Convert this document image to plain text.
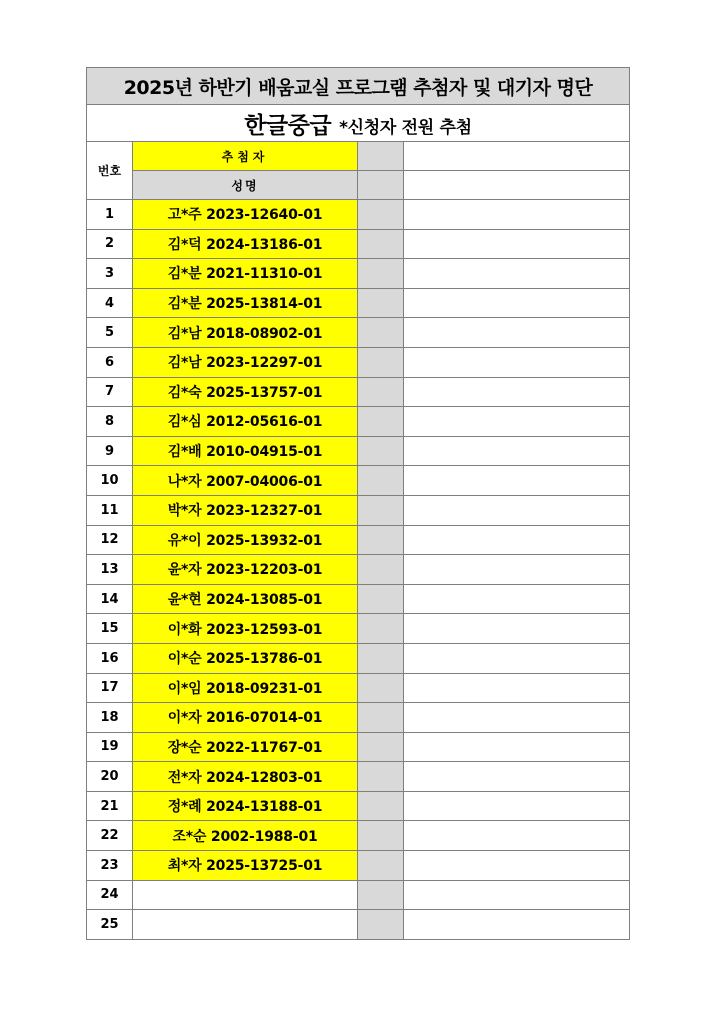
2025년 하반기 배움교실 프로그램 추첨자 및 대기자 명단			
한글중급 *신청자 전원 추첨			
번호	추첨자		
	성명		
1	고*주 2023-12640-01		
2	김*덕 2024-13186-01		
3	김*분 2021-11310-01		
4	김*분 2025-13814-01		
5	김*남 2018-08902-01		
6	김*남 2023-12297-01		
7	김*숙 2025-13757-01		
8	김*심 2012-05616-01		
9	김*배 2010-04915-01		
10	나*자 2007-04006-01		
11	박*자 2023-12327-01		
12	유*이 2025-13932-01		
13	윤*자 2023-12203-01		
14	윤*현 2024-13085-01		
15	이*화 2023-12593-01		
16	이*순 2025-13786-01		
17	이*임 2018-09231-01		
18	이*자 2016-07014-01		
19	장*순 2022-11767-01		
20	전*자 2024-12803-01		
21	정*례 2024-13188-01		
22	조*순 2002-1988-01		
23	최*자 2025-13725-01		
24			
25			
